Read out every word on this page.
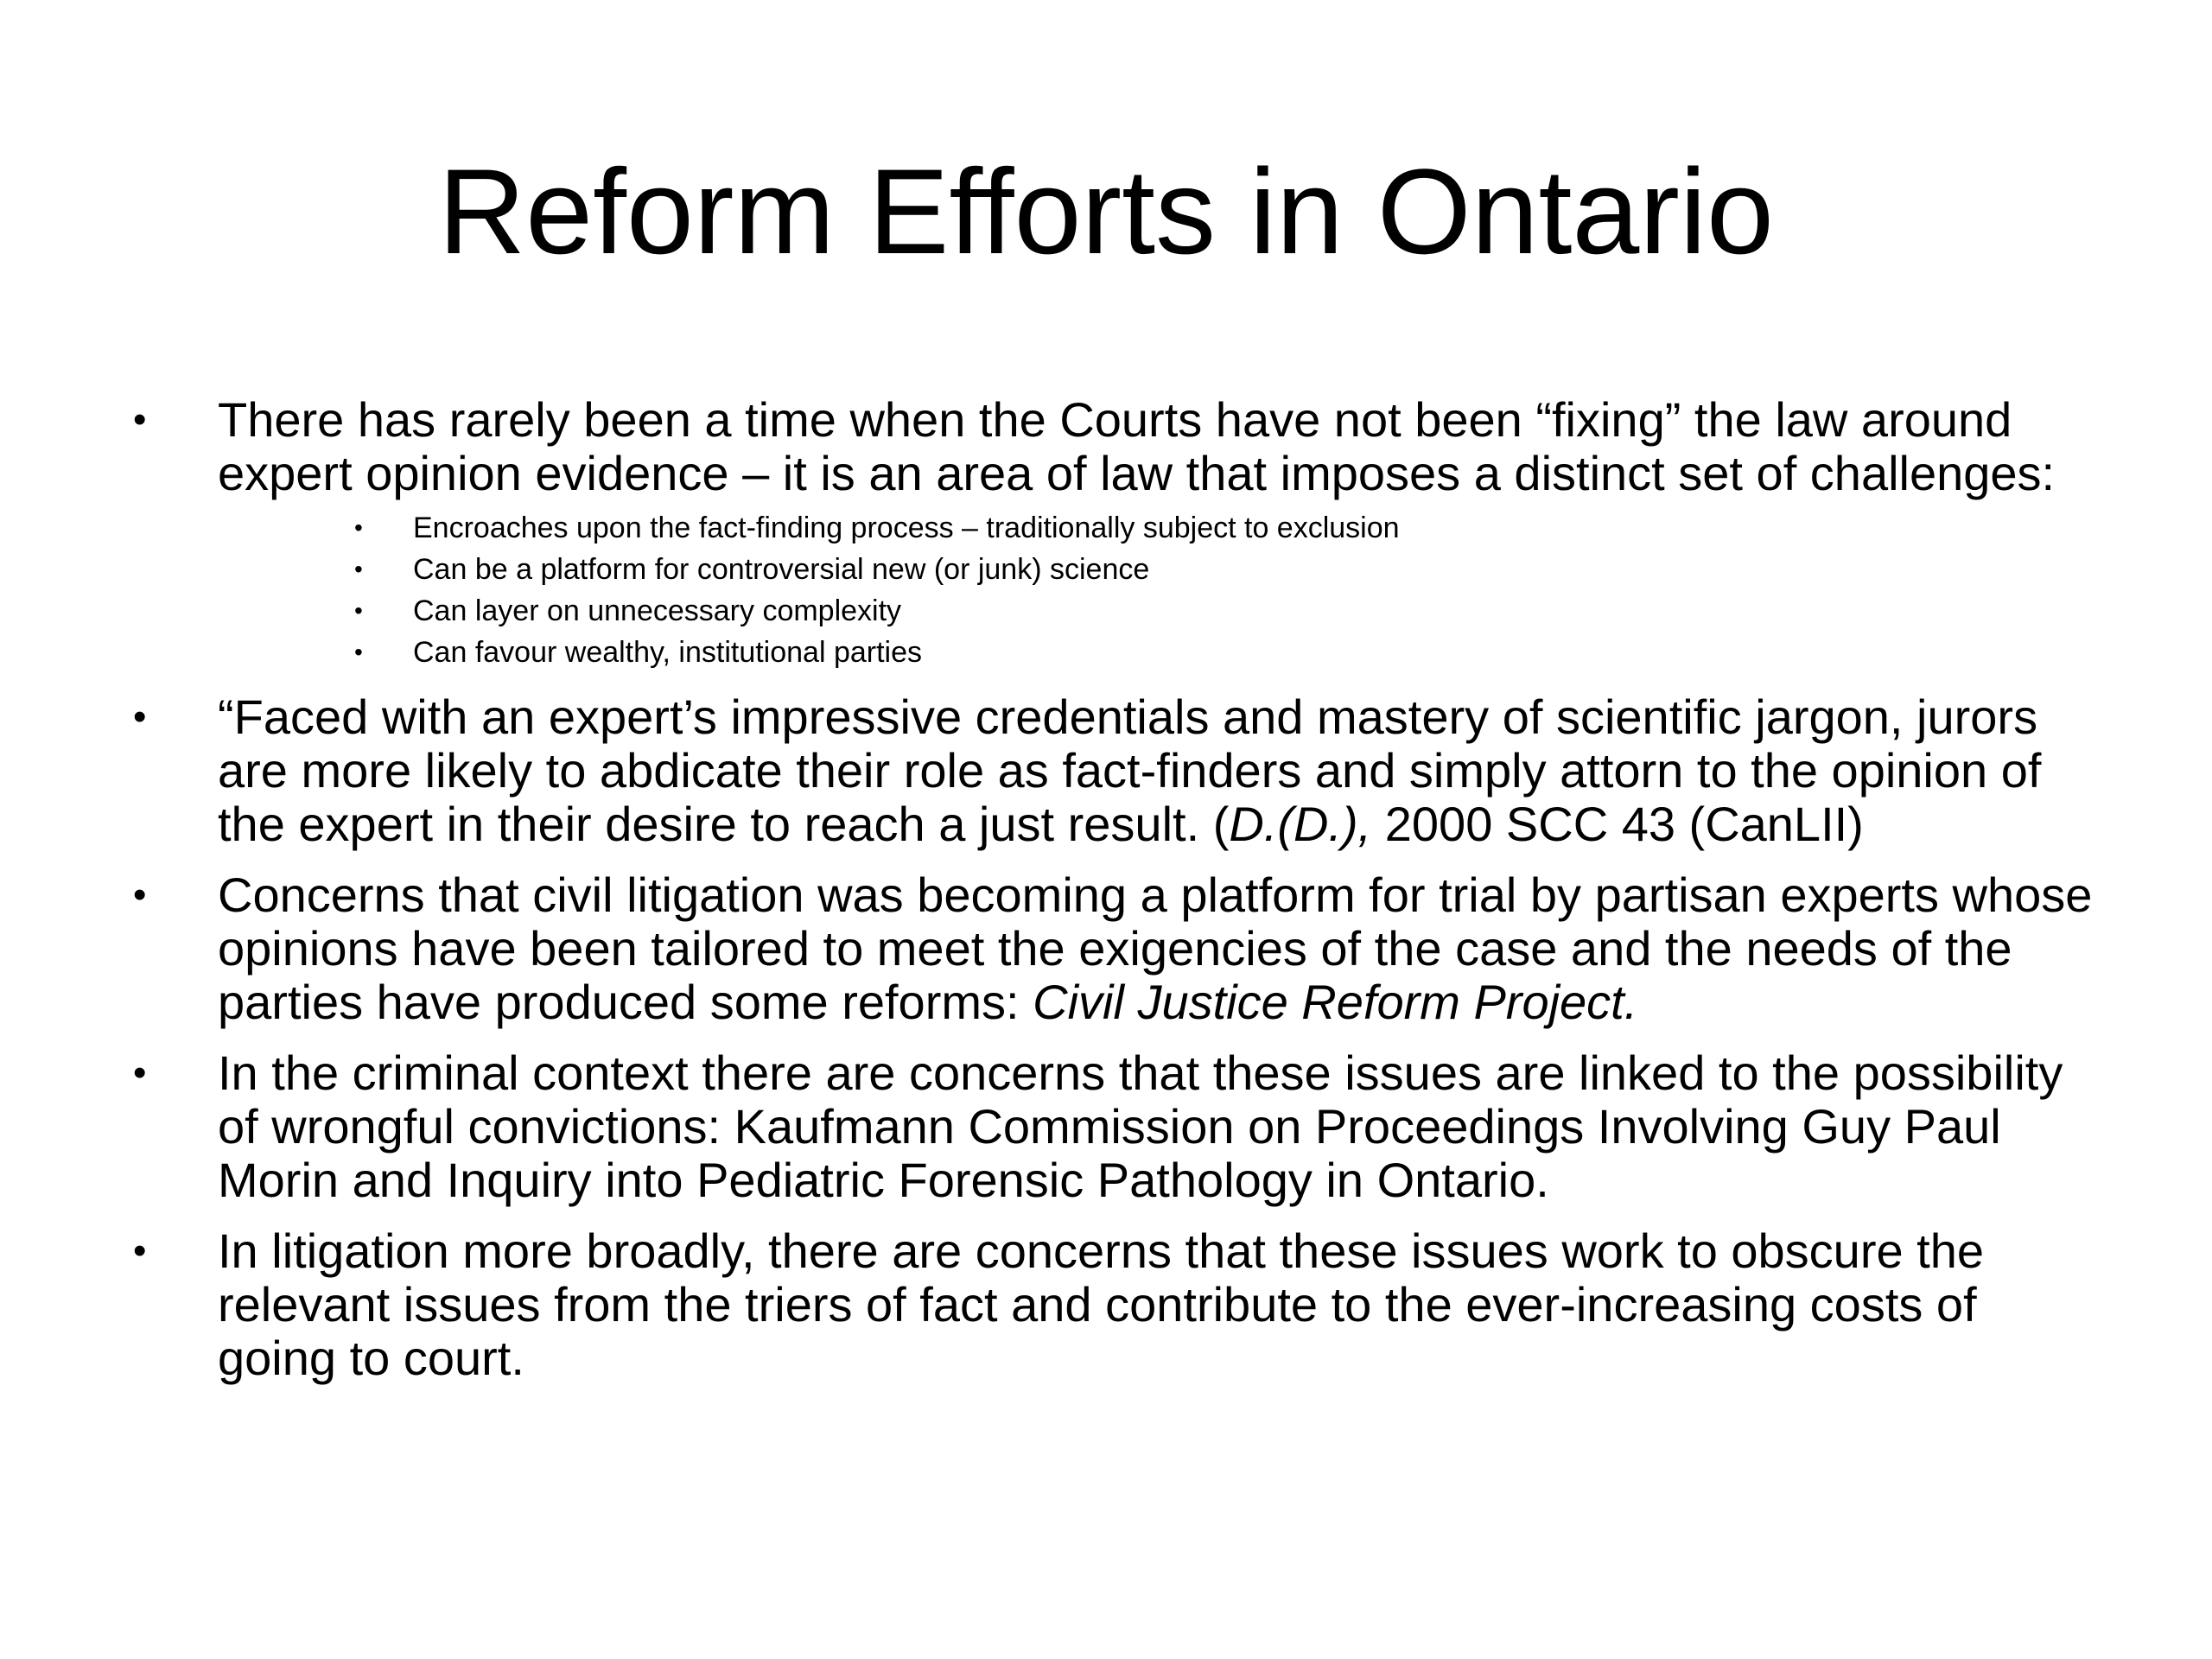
Reform Efforts in Ontario
•	There has rarely been a time when the Courts have not been “fixing” the law around expert opinion evidence – it is an area of law that imposes a distinct set of challenges:
•	Encroaches upon the fact-finding process – traditionally subject to exclusion
•	Can be a platform for controversial new (or junk) science
•	Can layer on unnecessary complexity
•	Can favour wealthy, institutional parties
•	“Faced with an expert’s impressive credentials and mastery of scientific jargon, jurors are more likely to abdicate their role as fact-finders and simply attorn to the opinion of the expert in their desire to reach a just result. (D.(D.), 2000 SCC 43 (CanLII)
•	Concerns that civil litigation was becoming a platform for trial by partisan experts whose opinions have been tailored to meet the exigencies of the case and the needs of the parties have produced some reforms: Civil Justice Reform Project.
•	In the criminal context there are concerns that these issues are linked to the possibility of wrongful convictions: Kaufmann Commission on Proceedings Involving Guy Paul Morin and Inquiry into Pediatric Forensic Pathology in Ontario.
•	In litigation more broadly, there are concerns that these issues work to obscure the relevant issues from the triers of fact and contribute to the ever-increasing costs of going to court.
